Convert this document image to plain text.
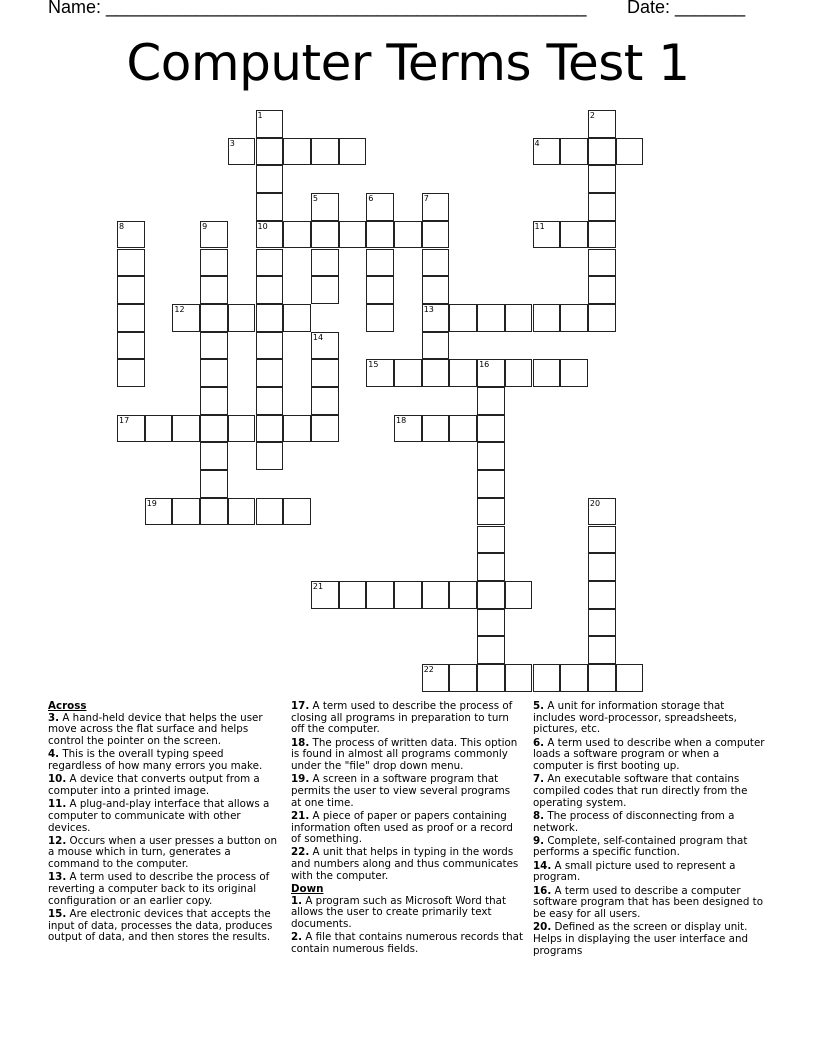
Name: ________________________________________________ Date: _______
Computer Terms Test 1
1
10
2
3	4
5	6	7
13
8	9	11
12
14
15	16
17	18
19	20
21
22
Across
3. A hand-held device that helps the user move across the flat surface and helps control the pointer on the screen.
4. This is the overall typing speed regardless of how many errors you make.
10. A device that converts output from a computer into a printed image.
11. A plug-and-play interface that allows a computer to communicate with other devices.
12. Occurs when a user presses a button on a mouse which in turn, generates a command to the computer.
13. A term used to describe the process of reverting a computer back to its original configuration or an earlier copy.
15. Are electronic devices that accepts the input of data, processes the data, produces output of data, and then stores the results.
17. A term used to describe the process of closing all programs in preparation to turn off the computer.
18. The process of written data. This option is found in almost all programs commonly under the "file" drop down menu.
19. A screen in a software program that permits the user to view several programs at one time.
21. A piece of paper or papers containing information often used as proof or a record of something.
22. A unit that helps in typing in the words and numbers along and thus communicates with the computer.
Down
1. A program such as Microsoft Word that allows the user to create primarily text documents.
2. A file that contains numerous records that contain numerous fields.
5. A unit for information storage that includes word-processor, spreadsheets, pictures, etc.
6. A term used to describe when a computer loads a software program or when a computer is first booting up.
7. An executable software that contains compiled codes that run directly from the operating system.
8. The process of disconnecting from a network.
9. Complete, self-contained program that performs a specific function.
14. A small picture used to represent a program.
16. A term used to describe a computer software program that has been designed to be easy for all users.
20. Defined as the screen or display unit. Helps in displaying the user interface and programs
